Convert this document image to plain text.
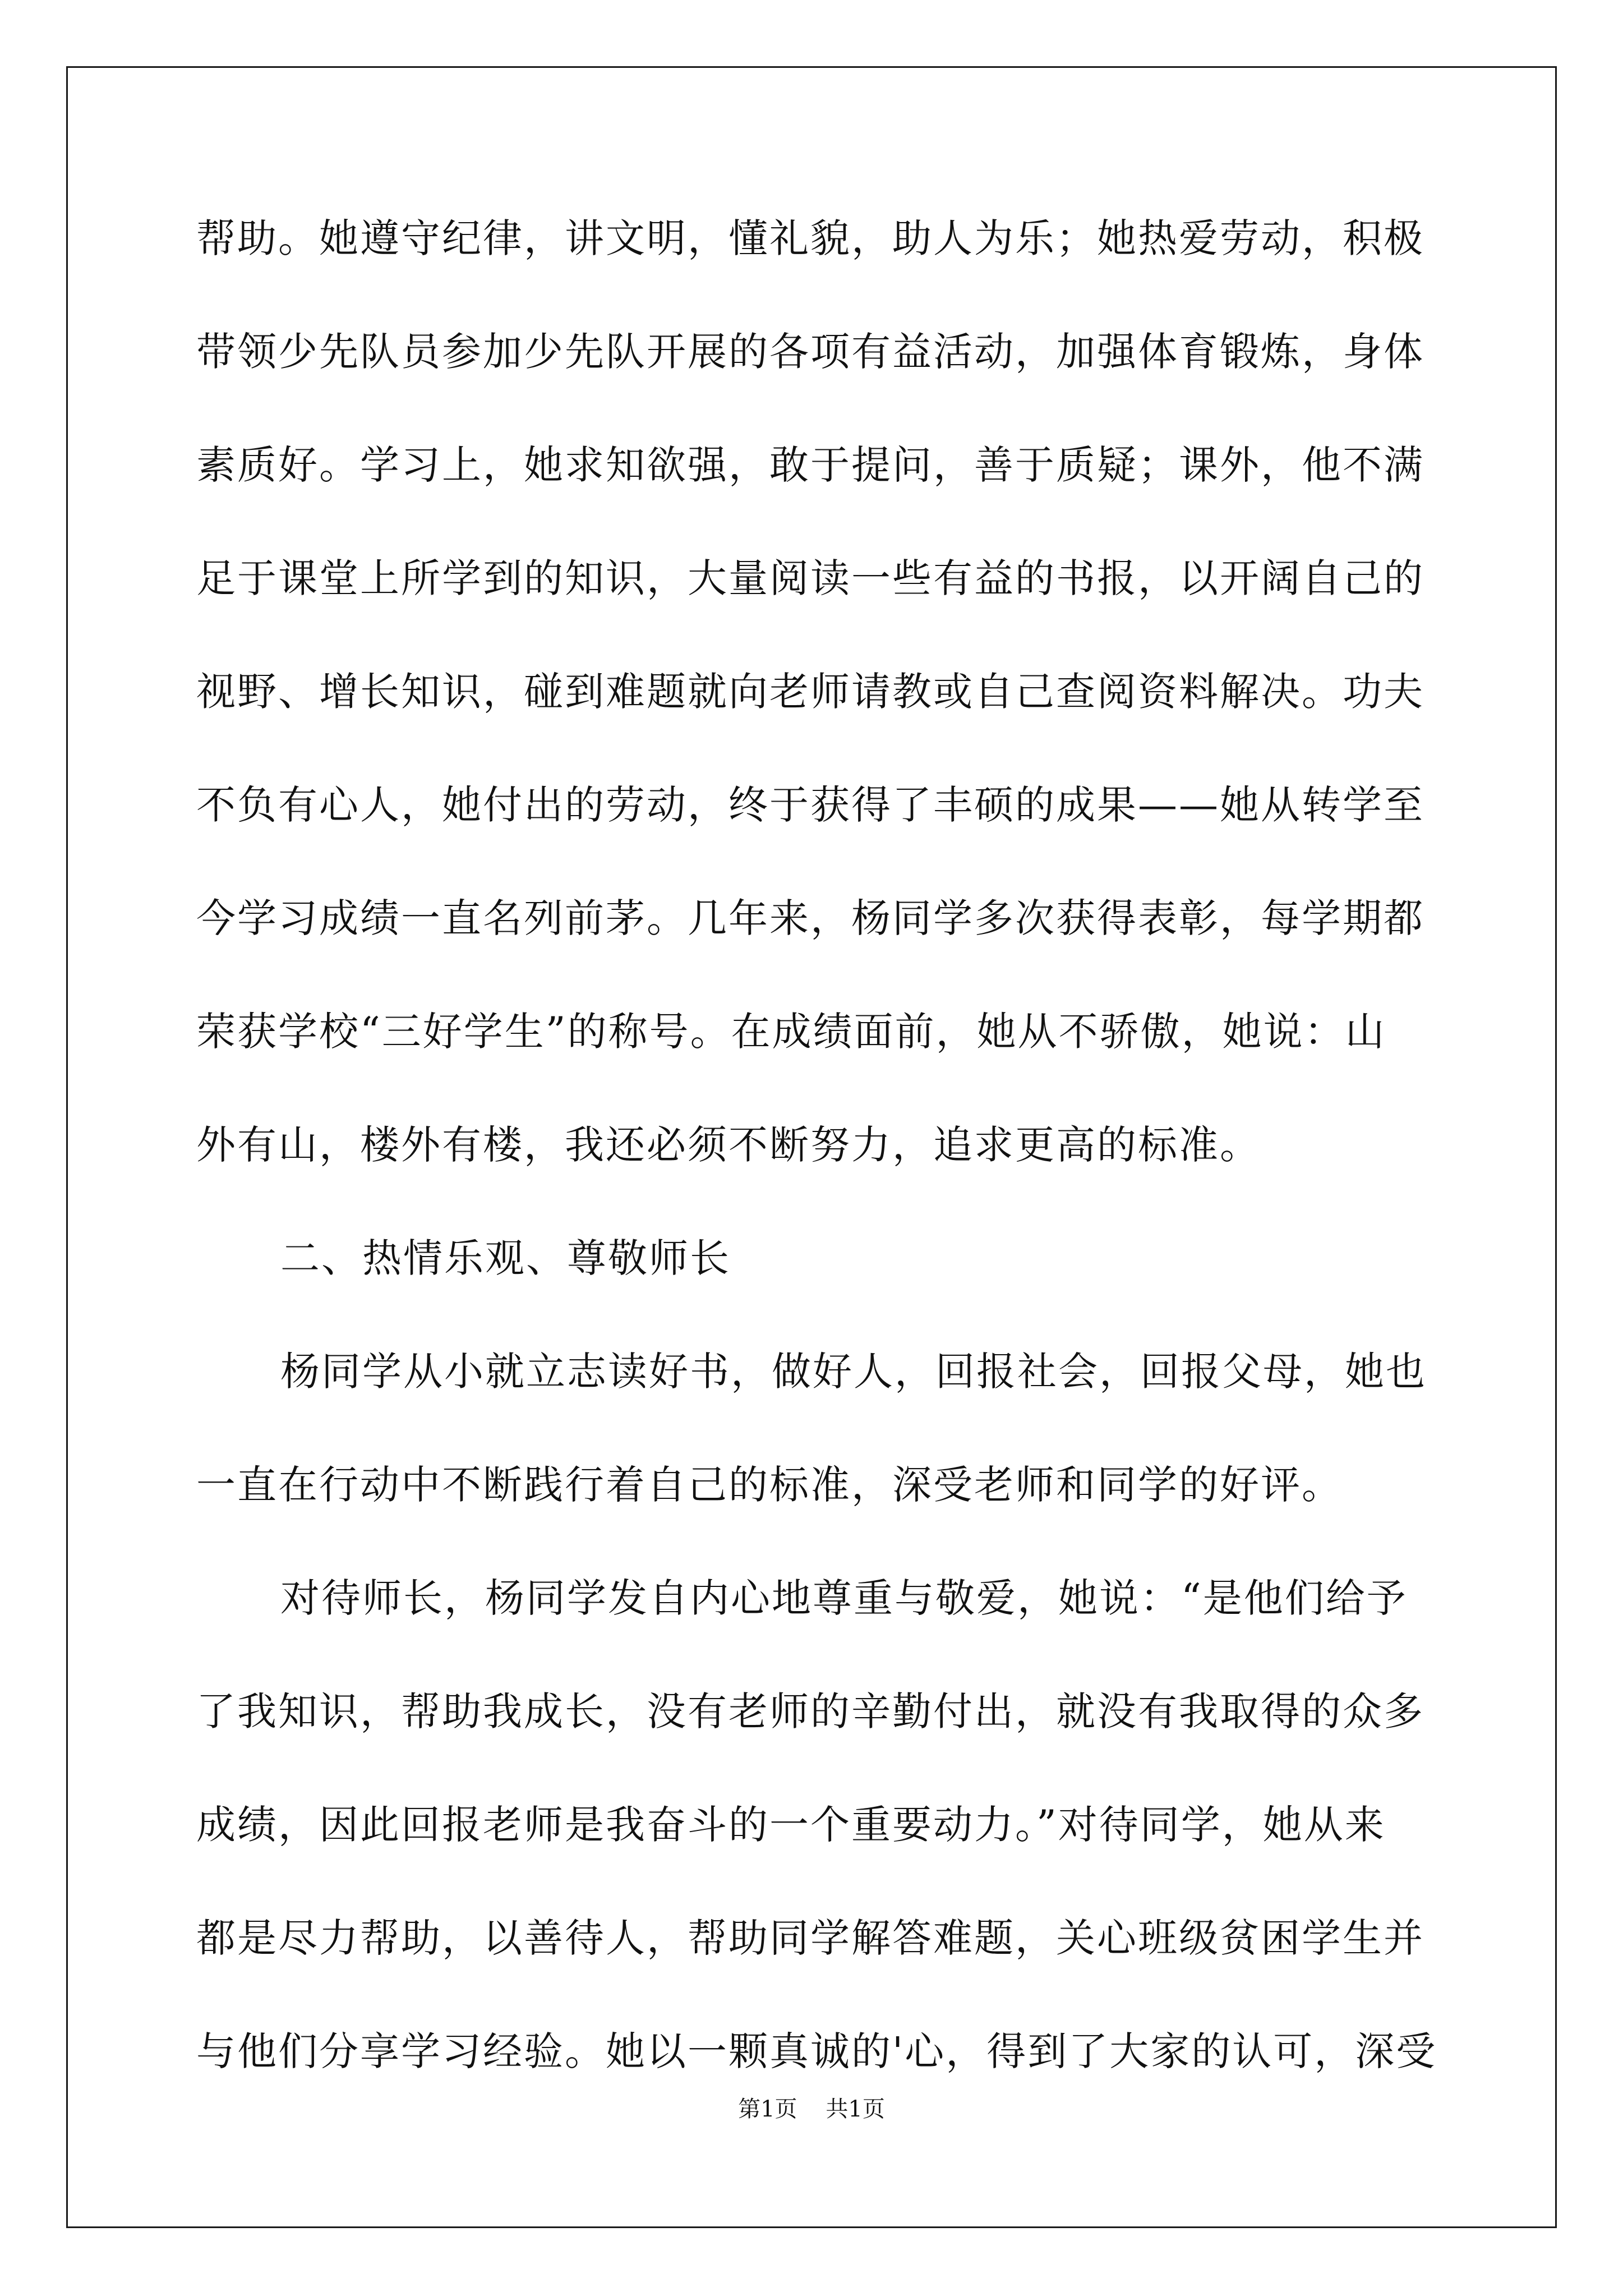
帮助。她遵守纪律，讲文明，懂礼貌，助人为乐；她热爱劳动，积极
带领少先队员参加少先队开展的各项有益活动，加强体育锻炼，身体
素质好。学习上，她求知欲强，敢于提问，善于质疑；课外，他不满
足于课堂上所学到的知识，大量阅读一些有益的书报，以开阔自己的
视野、增长知识，碰到难题就向老师请教或自己查阅资料解决。功夫
不负有心人，她付出的劳动，终于获得了丰硕的成果——她从转学至
今学习成绩一直名列前茅。几年来，杨同学多次获得表彰，每学期都
荣获学校“三好学生”的称号。在成绩面前，她从不骄傲，她说：山
外有山，楼外有楼，我还必须不断努力，追求更高的标准。
二、热情乐观、尊敬师长
杨同学从小就立志读好书，做好人，回报社会，回报父母，她也
一直在行动中不断践行着自己的标准，深受老师和同学的好评。
对待师长，杨同学发自内心地尊重与敬爱，她说：“是他们给予
了我知识，帮助我成长，没有老师的辛勤付出，就没有我取得的众多
成绩，因此回报老师是我奋斗的一个重要动力。”对待同学，她从来
都是尽力帮助，以善待人，帮助同学解答难题，关心班级贫困学生并
与他们分享学习经验。她以一颗真诚的'心，得到了大家的认可，深受
第1页    共1页
